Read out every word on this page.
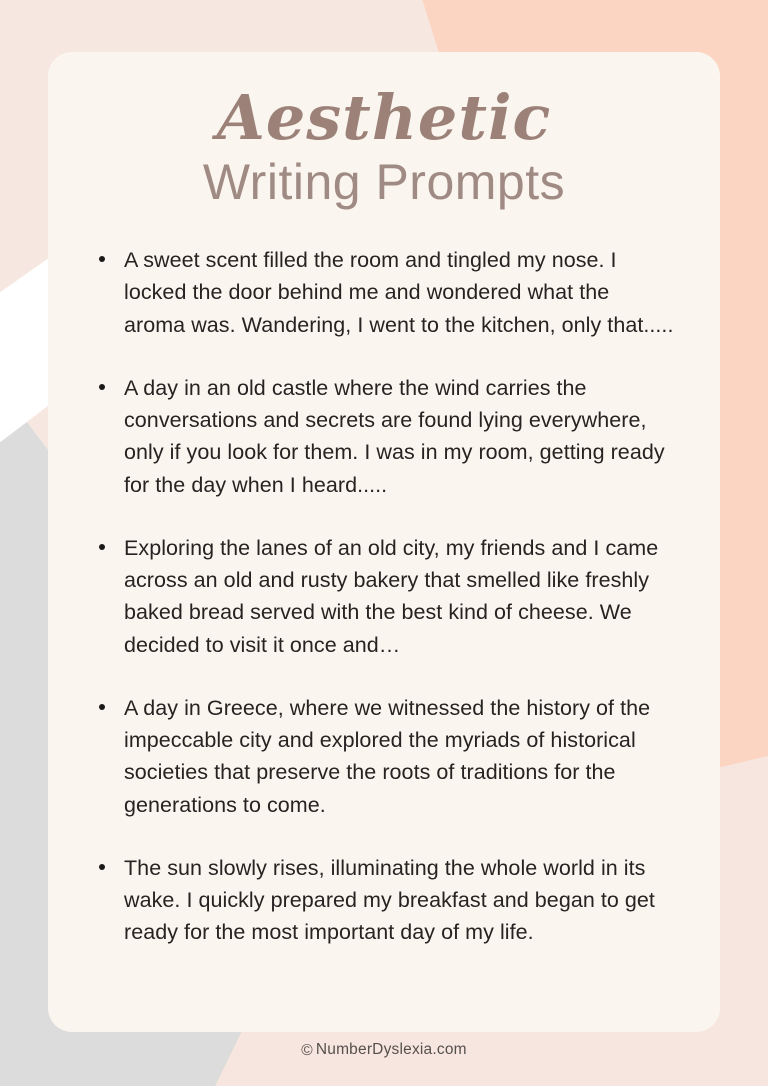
Aesthetic
Writing Prompts
A sweet scent filled the room and tingled my nose. I locked the door behind me and wondered what the aroma was. Wandering, I went to the kitchen, only that.....
A day in an old castle where the wind carries the conversations and secrets are found lying everywhere, only if you look for them. I was in my room, getting ready for the day when I heard.....
Exploring the lanes of an old city, my friends and I came across an old and rusty bakery that smelled like freshly baked bread served with the best kind of cheese. We decided to visit it once and…
A day in Greece, where we witnessed the history of the impeccable city and explored the myriads of historical societies that preserve the roots of traditions for the generations to come.
The sun slowly rises, illuminating the whole world in its wake. I quickly prepared my breakfast and began to get ready for the most important day of my life.
© NumberDyslexia.com
